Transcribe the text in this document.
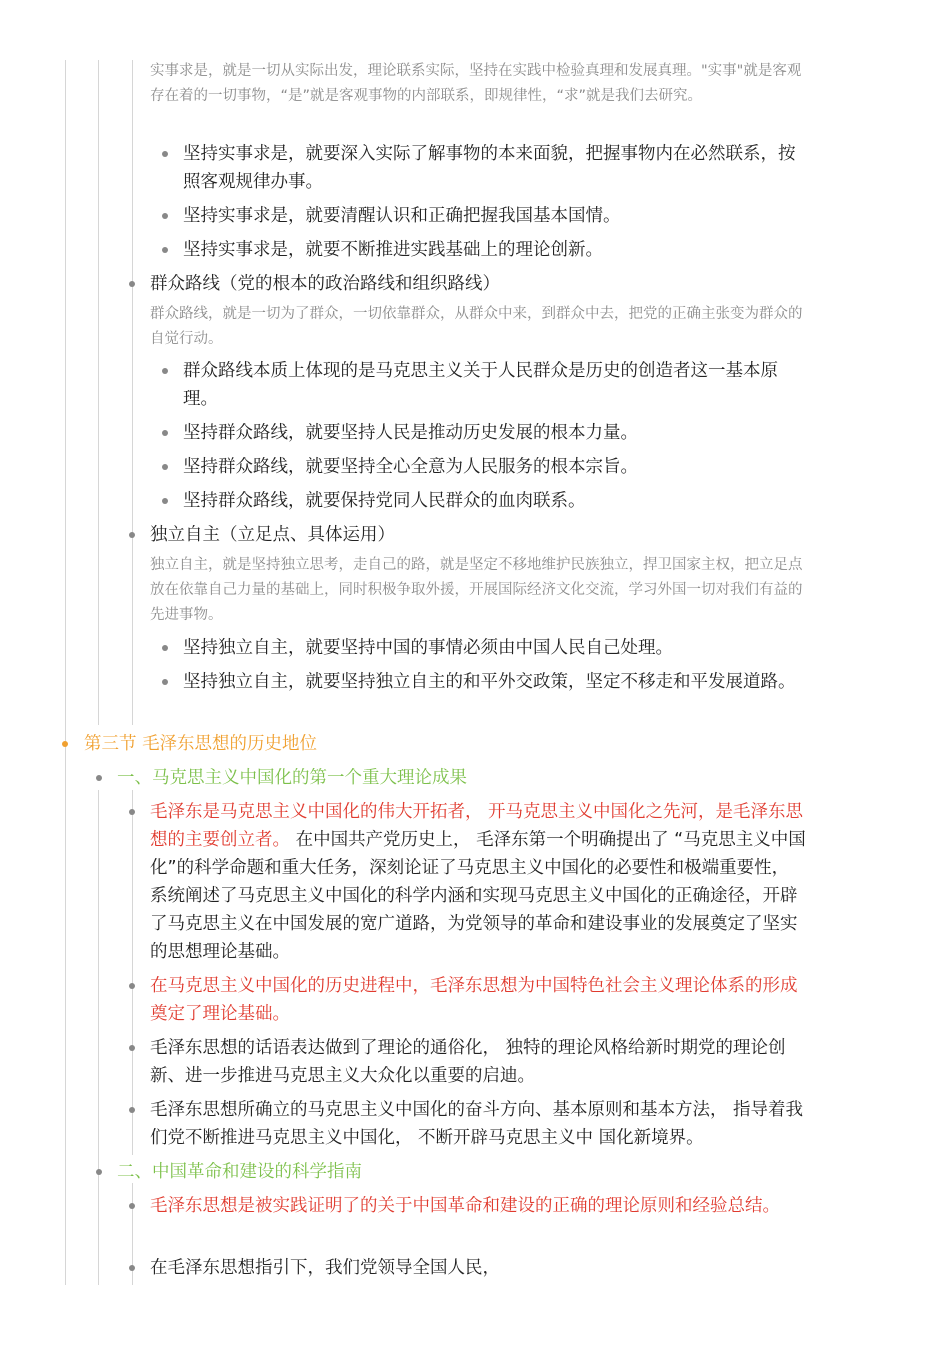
实事求是，就是一切从实际出发，理论联系实际，坚持在实践中检验真理和发展真理。"实事"就是客观存在着的一切事物，“是”就是客观事物的内部联系，即规律性，“求”就是我们去研究。

坚持实事求是，就要深入实际了解事物的本来面貌，把握事物内在必然联系，按照客观规律办事。

坚持实事求是，就要清醒认识和正确把握我国基本国情。

坚持实事求是，就要不断推进实践基础上的理论创新。

群众路线（党的根本的政治路线和组织路线）

群众路线，就是一切为了群众，一切依靠群众，从群众中来，到群众中去，把党的正确主张变为群众的自觉行动。

群众路线本质上体现的是马克思主义关于人民群众是历史的创造者这一基本原理。

坚持群众路线，就要坚持人民是推动历史发展的根本力量。

坚持群众路线，就要坚持全心全意为人民服务的根本宗旨。

坚持群众路线，就要保持党同人民群众的血肉联系。

独立自主（立足点、具体运用）

独立自主，就是坚持独立思考，走自己的路，就是坚定不移地维护民族独立，捍卫国家主权，把立足点放在依靠自己力量的基础上，同时积极争取外援，开展国际经济文化交流，学习外国一切对我们有益的先进事物。

坚持独立自主，就要坚持中国的事情必须由中国人民自己处理。

坚持独立自主，就要坚持独立自主的和平外交政策，坚定不移走和平发展道路。

第三节 毛泽东思想的历史地位

一、马克思主义中国化的第一个重大理论成果

毛泽东是马克思主义中国化的伟大开拓者， 开马克思主义中国化之先河，是毛泽东思想的主要创立者。 在中国共产党历史上， 毛泽东第一个明确提出了 “马克思主义中国化”的科学命题和重大任务，深刻论证了马克思主义中国化的必要性和极端重要性，系统阐述了马克思主义中国化的科学内涵和实现马克思主义中国化的正确途径，开辟了马克思主义在中国发展的宽广道路，为党领导的革命和建设事业的发展奠定了坚实的思想理论基础。

在马克思主义中国化的历史进程中，毛泽东思想为中国特色社会主义理论体系的形成奠定了理论基础。

毛泽东思想的话语表达做到了理论的通俗化， 独特的理论风格给新时期党的理论创新、进一步推进马克思主义大众化以重要的启迪。

毛泽东思想所确立的马克思主义中国化的奋斗方向、基本原则和基本方法， 指导着我们党不断推进马克思主义中国化， 不断开辟马克思主义中 国化新境界。

二、中国革命和建设的科学指南

毛泽东思想是被实践证明了的关于中国革命和建设的正确的理论原则和经验总结。

在毛泽东思想指引下，我们党领导全国人民，
